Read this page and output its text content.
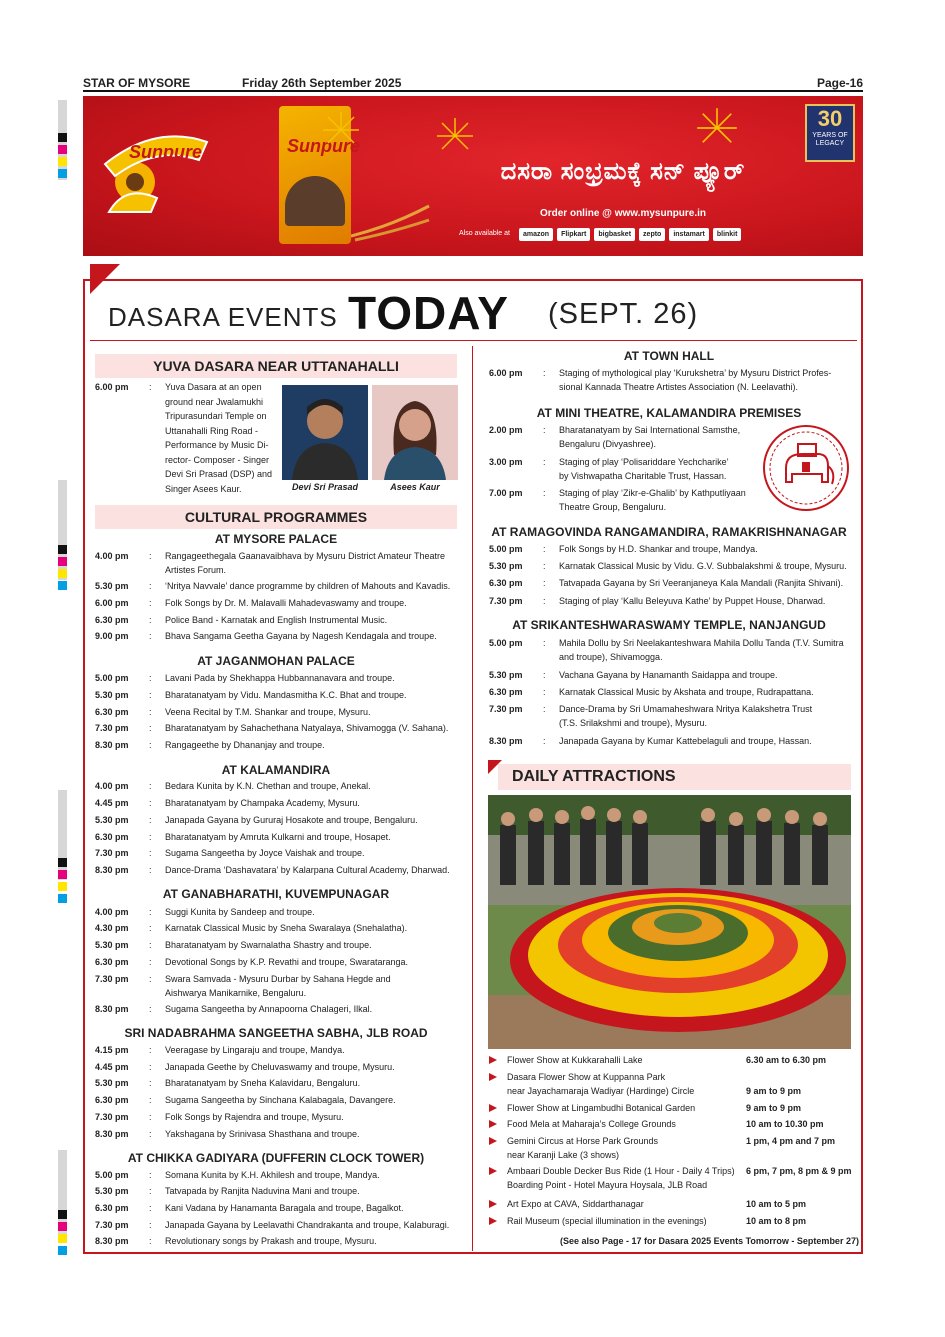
STAR OF MYSORE	Friday 26th September 2025	Page-16
Sunpure	Sunpure
ದಸರಾ ಸಂಭ್ರಮಕ್ಕೆ ಸನ್ ಪ್ಯೂರ್
Order online @ www.mysunpure.in
Also available at	amazon	Flipkart	bigbasket	zepto	instamart	blinkit
30
YEARS OF
LEGACY
DASARA EVENTS TODAY (SEPT. 26)
YUVA DASARA NEAR UTTANAHALLI
6.00 pm	: Yuva Dasara at an open
ground near Jwalamukhi
Tripurasundari Temple on
Uttanahalli Ring Road -
Performance by Music Di-
rector- Composer - Singer
Devi Sri Prasad (DSP) and
Singer Asees Kaur.	Devi Sri Prasad	Asees Kaur
CULTURAL PROGRAMMES
AT MYSORE PALACE
4.00 pm	: Rangageethegala Gaanavaibhava by Mysuru District Amateur Theatre
Artistes Forum.
5.30 pm	: ‘Nritya Navvale’ dance programme by children of Mahouts and Kavadis.
6.00 pm	: Folk Songs by Dr. M. Malavalli Mahadevaswamy and troupe.
6.30 pm	: Police Band - Karnatak and English Instrumental Music.
9.00 pm	: Bhava Sangama Geetha Gayana by Nagesh Kendagala and troupe.
AT JAGANMOHAN PALACE
5.00 pm	: Lavani Pada by Shekhappa Hubbannanavara and troupe.
5.30 pm	: Bharatanatyam by Vidu. Mandasmitha K.C. Bhat and troupe.
6.30 pm	: Veena Recital by T.M. Shankar and troupe, Mysuru.
7.30 pm	: Bharatanatyam by Sahachethana Natyalaya, Shivamogga (V. Sahana).
8.30 pm	: Rangageethe by Dhananjay and troupe.
AT KALAMANDIRA
4.00 pm	: Bedara Kunita by K.N. Chethan and troupe, Anekal.
4.45 pm	: Bharatanatyam by Champaka Academy, Mysuru.
5.30 pm	: Janapada Gayana by Gururaj Hosakote and troupe, Bengaluru.
6.30 pm	: Bharatanatyam by Amruta Kulkarni and troupe, Hosapet.
7.30 pm	: Sugama Sangeetha by Joyce Vaishak and troupe.
8.30 pm	: Dance-Drama ‘Dashavatara’ by Kalarpana Cultural Academy, Dharwad.
AT GANABHARATHI, KUVEMPUNAGAR
4.00 pm	: Suggi Kunita by Sandeep and troupe.
4.30 pm	: Karnatak Classical Music by Sneha Swaralaya (Snehalatha).
5.30 pm	: Bharatanatyam by Swarnalatha Shastry and troupe.
6.30 pm	: Devotional Songs by K.P. Revathi and troupe, Swarataranga.
7.30 pm	: Swara Samvada - Mysuru Durbar by Sahana Hegde and
Aishwarya Manikarnike, Bengaluru.
8.30 pm	: Sugama Sangeetha by Annapoorna Chalageri, Ilkal.
SRI NADABRAHMA SANGEETHA SABHA, JLB ROAD
4.15 pm	: Veeragase by Lingaraju and troupe, Mandya.
4.45 pm	: Janapada Geethe by Cheluvaswamy and troupe, Mysuru.
5.30 pm	: Bharatanatyam by Sneha Kalavidaru, Bengaluru.
6.30 pm	: Sugama Sangeetha by Sinchana Kalabagala, Davangere.
7.30 pm	: Folk Songs by Rajendra and troupe, Mysuru.
8.30 pm	: Yakshagana by Srinivasa Shasthana and troupe.
AT CHIKKA GADIYARA (DUFFERIN CLOCK TOWER)
5.00 pm	: Somana Kunita by K.H. Akhilesh and troupe, Mandya.
5.30 pm	: Tatvapada by Ranjita Naduvina Mani and troupe.
6.30 pm	: Kani Vadana by Hanamanta Baragala and troupe, Bagalkot.
7.30 pm	: Janapada Gayana by Leelavathi Chandrakanta and troupe, Kalaburagi.
8.30 pm	: Revolutionary songs by Prakash and troupe, Mysuru.
AT TOWN HALL
6.00 pm	: Staging of mythological play ‘Kurukshetra’ by Mysuru District Profes-
sional Kannada Theatre Artistes Association (N. Leelavathi).
AT MINI THEATRE, KALAMANDIRA PREMISES
2.00 pm	: Bharatanatyam by Sai International Samsthe,
Bengaluru (Divyashree).
3.00 pm	: Staging of play ‘Polisariddare Yechcharike’
by Vishwapatha Charitable Trust, Hassan.
7.00 pm	: Staging of play ‘Zikr-e-Ghalib’ by Kathputliyaan
Theatre Group, Bengaluru.
AT RAMAGOVINDA RANGAMANDIRA, RAMAKRISHNANAGAR
5.00 pm	: Folk Songs by H.D. Shankar and troupe, Mandya.
5.30 pm	: Karnatak Classical Music by Vidu. G.V. Subbalakshmi & troupe, Mysuru.
6.30 pm	: Tatvapada Gayana by Sri Veeranjaneya Kala Mandali (Ranjita Shivani).
7.30 pm	: Staging of play ‘Kallu Beleyuva Kathe’ by Puppet House, Dharwad.
AT SRIKANTESHWARASWAMY TEMPLE, NANJANGUD
5.00 pm	: Mahila Dollu by Sri Neelakanteshwara Mahila Dollu Tanda (T.V. Sumitra
and troupe), Shivamogga.
5.30 pm	: Vachana Gayana by Hanamanth Saidappa and troupe.
6.30 pm	: Karnatak Classical Music by Akshata and troupe, Rudrapattana.
7.30 pm	: Dance-Drama by Sri Umamaheshwara Nritya Kalakshetra Trust
(T.S. Srilakshmi and troupe), Mysuru.
8.30 pm	: Janapada Gayana by Kumar Kattebelaguli and troupe, Hassan.
DAILY ATTRACTIONS
Flower Show at Kukkarahalli Lake	6.30 am to 6.30 pm
Dasara Flower Show at Kuppanna Park
near Jayachamaraja Wadiyar (Hardinge) Circle	9 am to 9 pm
Flower Show at Lingambudhi Botanical Garden	9 am to 9 pm
Food Mela at Maharaja’s College Grounds	10 am to 10.30 pm
Gemini Circus at Horse Park Grounds
near Karanji Lake (3 shows)
1 pm, 4 pm and 7 pm
Ambaari Double Decker Bus Ride (1 Hour - Daily 4 Trips)
Boarding Point - Hotel Mayura Hoysala, JLB Road
6 pm, 7 pm, 8 pm & 9 pm
Art Expo at CAVA, Siddarthanagar	10 am to 5 pm
Rail Museum (special illumination in the evenings)	10 am to 8 pm
(See also Page - 17 for Dasara 2025 Events Tomorrow - September 27)
